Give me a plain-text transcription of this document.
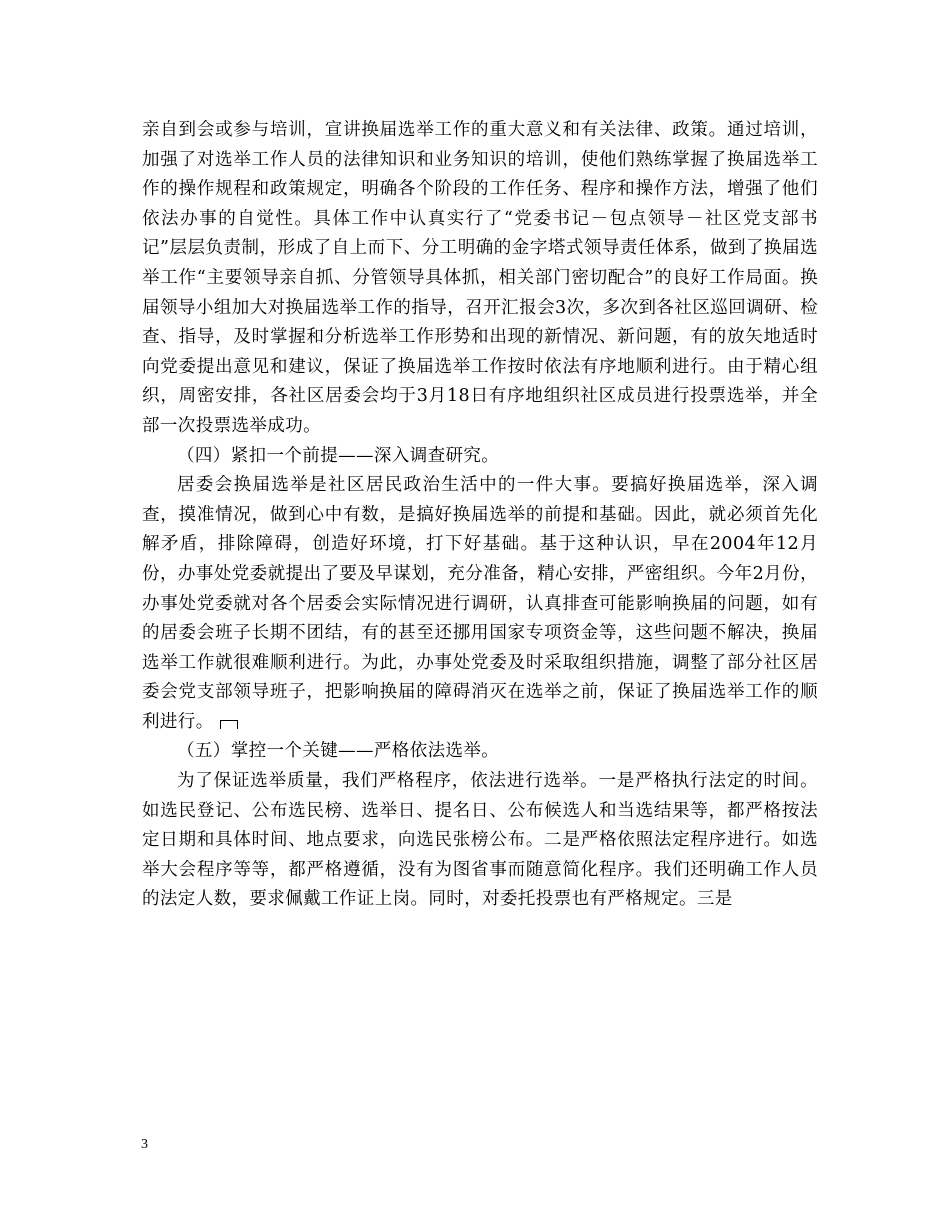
亲自到会或参与培训，宣讲换届选举工作的重大意义和有关法律、政策。通过培训，加强了对选举工作人员的法律知识和业务知识的培训，使他们熟练掌握了换届选举工作的操作规程和政策规定，明确各个阶段的工作任务、程序和操作方法，增强了他们依法办事的自觉性。具体工作中认真实行了“党委书记－包点领导－社区党支部书记”层层负责制，形成了自上而下、分工明确的金字塔式领导责任体系，做到了换届选举工作“主要领导亲自抓、分管领导具体抓，相关部门密切配合”的良好工作局面。换届领导小组加大对换届选举工作的指导，召开汇报会3次，多次到各社区巡回调研、检查、指导，及时掌握和分析选举工作形势和出现的新情况、新问题，有的放矢地适时向党委提出意见和建议，保证了换届选举工作按时依法有序地顺利进行。由于精心组织，周密安排，各社区居委会均于3月18日有序地组织社区成员进行投票选举，并全部一次投票选举成功。

（四）紧扣一个前提——深入调查研究。

居委会换届选举是社区居民政治生活中的一件大事。要搞好换届选举，深入调查，摸准情况，做到心中有数，是搞好换届选举的前提和基础。因此，就必须首先化解矛盾，排除障碍，创造好环境，打下好基础。基于这种认识，早在2004年12月份，办事处党委就提出了要及早谋划，充分准备，精心安排，严密组织。今年2月份，办事处党委就对各个居委会实际情况进行调研，认真排查可能影响换届的问题，如有的居委会班子长期不团结，有的甚至还挪用国家专项资金等，这些问题不解决，换届选举工作就很难顺利进行。为此，办事处党委及时采取组织措施，调整了部分社区居委会党支部领导班子，把影响换届的障碍消灭在选举之前，保证了换届选举工作的顺利进行。

（五）掌控一个关键——严格依法选举。

为了保证选举质量，我们严格程序，依法进行选举。一是严格执行法定的时间。如选民登记、公布选民榜、选举日、提名日、公布候选人和当选结果等，都严格按法定日期和具体时间、地点要求，向选民张榜公布。二是严格依照法定程序进行。如选举大会程序等等，都严格遵循，没有为图省事而随意简化程序。我们还明确工作人员的法定人数，要求佩戴工作证上岗。同时，对委托投票也有严格规定。三是

3
